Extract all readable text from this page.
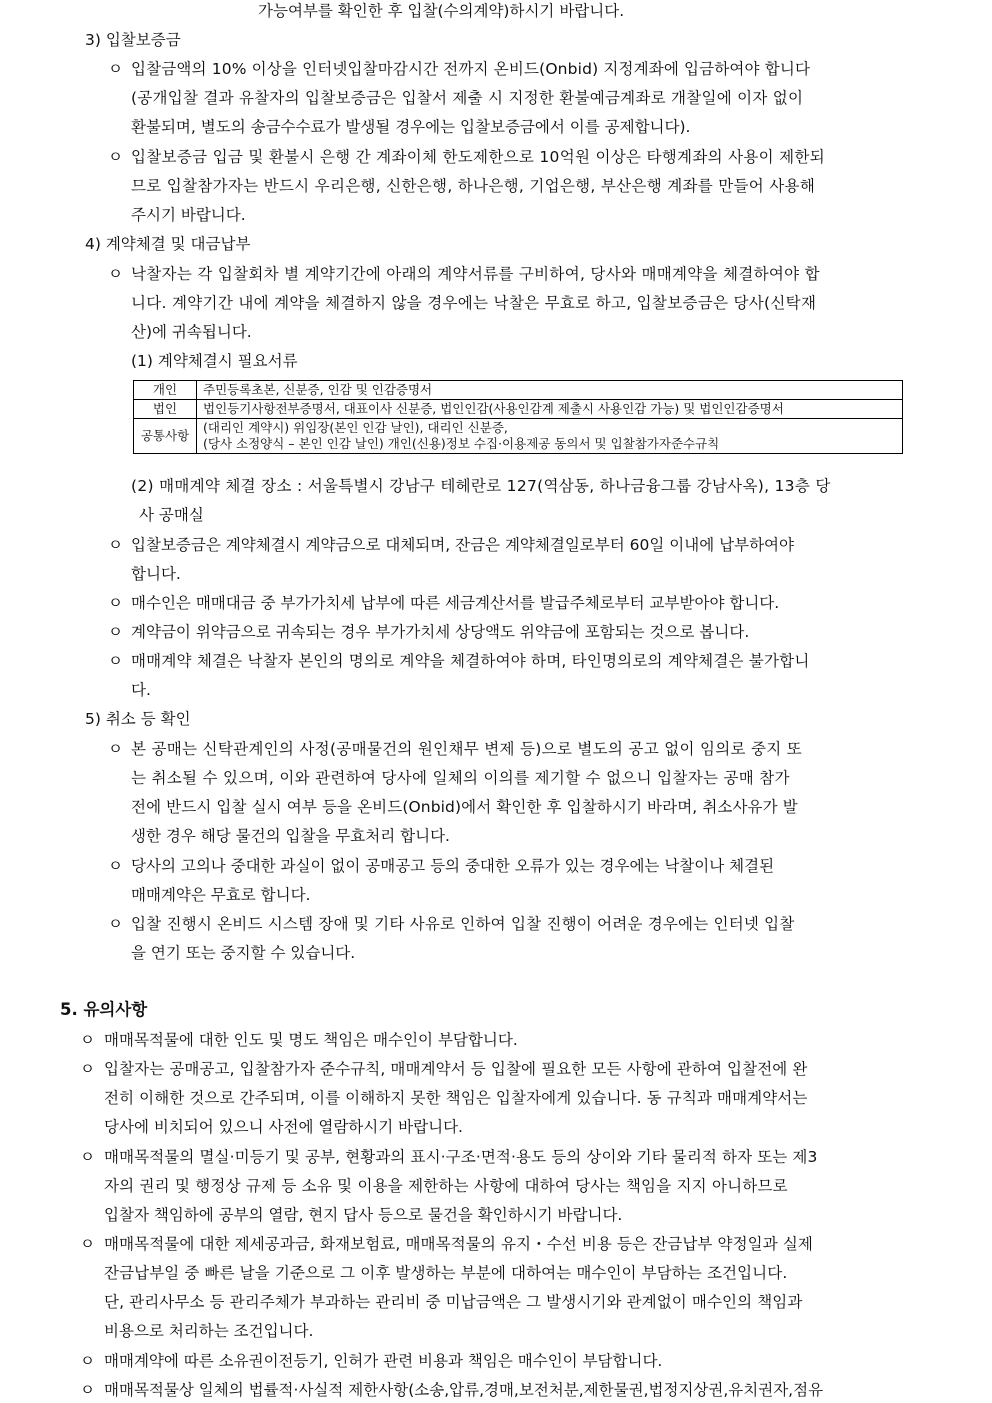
가능여부를 확인한 후 입찰(수의계약)하시기 바랍니다.
3) 입찰보증금
ㅇ 입찰금액의 10% 이상을 인터넷입찰마감시간 전까지 온비드(Onbid) 지정계좌에 입금하여야 합니다
(공개입찰 결과 유찰자의 입찰보증금은 입찰서 제출 시 지정한 환불예금계좌로 개찰일에 이자 없이
환불되며, 별도의 송금수수료가 발생될 경우에는 입찰보증금에서 이를 공제합니다).
ㅇ 입찰보증금 입금 및 환불시 은행 간 계좌이체 한도제한으로 10억원 이상은 타행계좌의 사용이 제한되
므로 입찰참가자는 반드시 우리은행, 신한은행, 하나은행, 기업은행, 부산은행 계좌를 만들어 사용해
주시기 바랍니다.
4) 계약체결 및 대금납부
ㅇ 낙찰자는 각 입찰회차 별 계약기간에 아래의 계약서류를 구비하여, 당사와 매매계약을 체결하여야 합
니다. 계약기간 내에 계약을 체결하지 않을 경우에는 낙찰은 무효로 하고, 입찰보증금은 당사(신탁재
산)에 귀속됩니다.
(1) 계약체결시 필요서류
개인	주민등록초본, 신분증, 인감 및 인감증명서
법인	법인등기사항전부증명서, 대표이사 신분증, 법인인감(사용인감계 제출시 사용인감 가능) 및 법인인감증명서
공통사항	(대리인 계약시) 위임장(본인 인감 날인), 대리인 신분증,
(당사 소정양식 – 본인 인감 날인) 개인(신용)정보 수집·이용제공 동의서 및 입찰참가자준수규칙
(2) 매매계약 체결 장소 : 서울특별시 강남구 테헤란로 127(역삼동, 하나금융그룹 강남사옥), 13층 당
사 공매실
ㅇ 입찰보증금은 계약체결시 계약금으로 대체되며, 잔금은 계약체결일로부터 60일 이내에 납부하여야
합니다.
ㅇ 매수인은 매매대금 중 부가가치세 납부에 따른 세금계산서를 발급주체로부터 교부받아야 합니다.
ㅇ 계약금이 위약금으로 귀속되는 경우 부가가치세 상당액도 위약금에 포함되는 것으로 봅니다.
ㅇ 매매계약 체결은 낙찰자 본인의 명의로 계약을 체결하여야 하며, 타인명의로의 계약체결은 불가합니
다.
5) 취소 등 확인
ㅇ 본 공매는 신탁관계인의 사정(공매물건의 원인채무 변제 등)으로 별도의 공고 없이 임의로 중지 또
는 취소될 수 있으며, 이와 관련하여 당사에 일체의 이의를 제기할 수 없으니 입찰자는 공매 참가
전에 반드시 입찰 실시 여부 등을 온비드(Onbid)에서 확인한 후 입찰하시기 바라며, 취소사유가 발
생한 경우 해당 물건의 입찰을 무효처리 합니다.
ㅇ 당사의 고의나 중대한 과실이 없이 공매공고 등의 중대한 오류가 있는 경우에는 낙찰이나 체결된
매매계약은 무효로 합니다.
ㅇ 입찰 진행시 온비드 시스템 장애 및 기타 사유로 인하여 입찰 진행이 어려운 경우에는 인터넷 입찰
을 연기 또는 중지할 수 있습니다.
5. 유의사항
ㅇ 매매목적물에 대한 인도 및 명도 책임은 매수인이 부담합니다.
ㅇ 입찰자는 공매공고, 입찰참가자 준수규칙, 매매계약서 등 입찰에 필요한 모든 사항에 관하여 입찰전에 완
전히 이해한 것으로 간주되며, 이를 이해하지 못한 책임은 입찰자에게 있습니다. 동 규칙과 매매계약서는
당사에 비치되어 있으니 사전에 열람하시기 바랍니다.
ㅇ 매매목적물의 멸실·미등기 및 공부, 현황과의 표시·구조·면적·용도 등의 상이와 기타 물리적 하자 또는 제3
자의 권리 및 행정상 규제 등 소유 및 이용을 제한하는 사항에 대하여 당사는 책임을 지지 아니하므로
입찰자 책임하에 공부의 열람, 현지 답사 등으로 물건을 확인하시기 바랍니다.
ㅇ 매매목적물에 대한 제세공과금, 화재보험료, 매매목적물의 유지・수선 비용 등은 잔금납부 약정일과 실제
잔금납부일 중 빠른 날을 기준으로 그 이후 발생하는 부분에 대하여는 매수인이 부담하는 조건입니다.
단, 관리사무소 등 관리주체가 부과하는 관리비 중 미납금액은 그 발생시기와 관계없이 매수인의 책임과
비용으로 처리하는 조건입니다.
ㅇ 매매계약에 따른 소유권이전등기, 인허가 관련 비용과 책임은 매수인이 부담합니다.
ㅇ 매매목적물상 일체의 법률적·사실적 제한사항(소송,압류,경매,보전처분,제한물권,법정지상권,유치권자,점유
